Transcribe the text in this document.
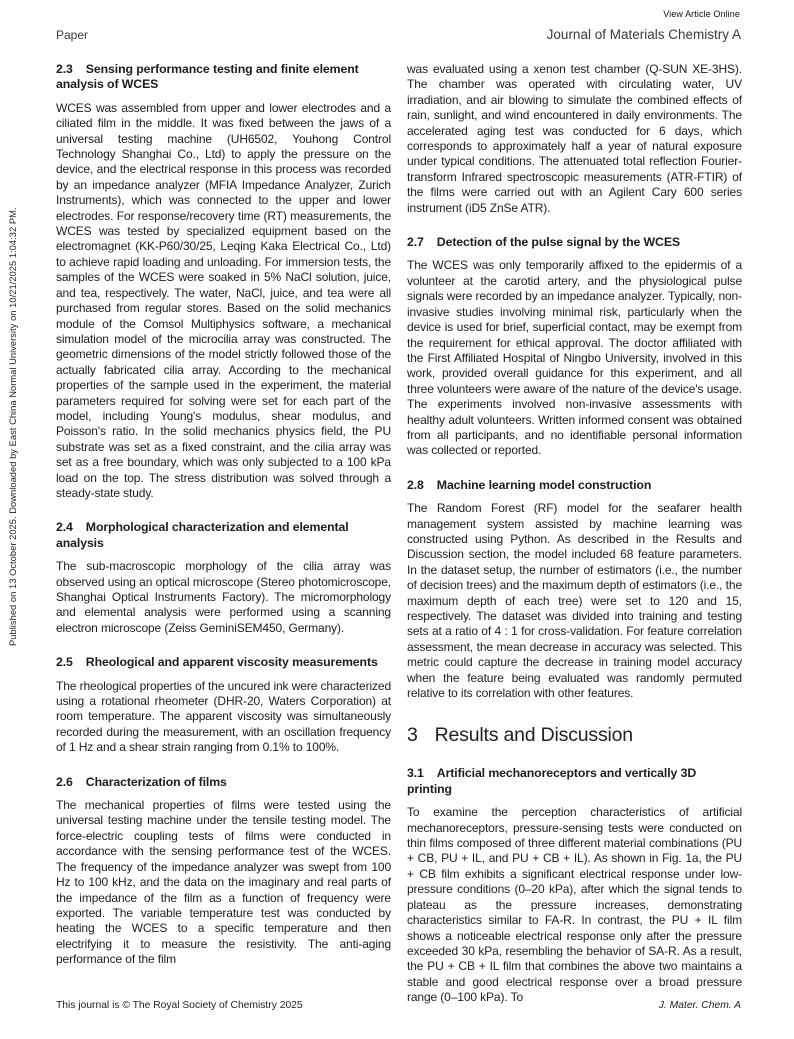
Published on 13 October 2025. Downloaded by East China Normal University on 10/21/2025 1:04:32 PM.
View Article Online
Paper	Journal of Materials Chemistry A
2.3 Sensing performance testing and finite element analysis of WCES
WCES was assembled from upper and lower electrodes and a ciliated film in the middle. It was fixed between the jaws of a universal testing machine (UH6502, Youhong Control Technology Shanghai Co., Ltd) to apply the pressure on the device, and the electrical response in this process was recorded by an impedance analyzer (MFIA Impedance Analyzer, Zurich Instruments), which was connected to the upper and lower electrodes. For response/recovery time (RT) measurements, the WCES was tested by specialized equipment based on the electromagnet (KK-P60/30/25, Leqing Kaka Electrical Co., Ltd) to achieve rapid loading and unloading. For immersion tests, the samples of the WCES were soaked in 5% NaCl solution, juice, and tea, respectively. The water, NaCl, juice, and tea were all purchased from regular stores. Based on the solid mechanics module of the Comsol Multiphysics software, a mechanical simulation model of the microcilia array was constructed. The geometric dimensions of the model strictly followed those of the actually fabricated cilia array. According to the mechanical properties of the sample used in the experiment, the material parameters required for solving were set for each part of the model, including Young's modulus, shear modulus, and Poisson's ratio. In the solid mechanics physics field, the PU substrate was set as a fixed constraint, and the cilia array was set as a free boundary, which was only subjected to a 100 kPa load on the top. The stress distribution was solved through a steady-state study.
2.4 Morphological characterization and elemental analysis
The sub-macroscopic morphology of the cilia array was observed using an optical microscope (Stereo photomicroscope, Shanghai Optical Instruments Factory). The micromorphology and elemental analysis were performed using a scanning electron microscope (Zeiss GeminiSEM450, Germany).
2.5 Rheological and apparent viscosity measurements
The rheological properties of the uncured ink were characterized using a rotational rheometer (DHR-20, Waters Corporation) at room temperature. The apparent viscosity was simultaneously recorded during the measurement, with an oscillation frequency of 1 Hz and a shear strain ranging from 0.1% to 100%.
2.6 Characterization of films
The mechanical properties of films were tested using the universal testing machine under the tensile testing model. The force-electric coupling tests of films were conducted in accordance with the sensing performance test of the WCES. The frequency of the impedance analyzer was swept from 100 Hz to 100 kHz, and the data on the imaginary and real parts of the impedance of the film as a function of frequency were exported. The variable temperature test was conducted by heating the WCES to a specific temperature and then electrifying it to measure the resistivity. The anti-aging performance of the film
was evaluated using a xenon test chamber (Q-SUN XE-3HS). The chamber was operated with circulating water, UV irradiation, and air blowing to simulate the combined effects of rain, sunlight, and wind encountered in daily environments. The accelerated aging test was conducted for 6 days, which corresponds to approximately half a year of natural exposure under typical conditions. The attenuated total reflection Fourier-transform Infrared spectroscopic measurements (ATR-FTIR) of the films were carried out with an Agilent Cary 600 series instrument (iD5 ZnSe ATR).
2.7 Detection of the pulse signal by the WCES
The WCES was only temporarily affixed to the epidermis of a volunteer at the carotid artery, and the physiological pulse signals were recorded by an impedance analyzer. Typically, non-invasive studies involving minimal risk, particularly when the device is used for brief, superficial contact, may be exempt from the requirement for ethical approval. The doctor affiliated with the First Affiliated Hospital of Ningbo University, involved in this work, provided overall guidance for this experiment, and all three volunteers were aware of the nature of the device's usage. The experiments involved non-invasive assessments with healthy adult volunteers. Written informed consent was obtained from all participants, and no identifiable personal information was collected or reported.
2.8 Machine learning model construction
The Random Forest (RF) model for the seafarer health management system assisted by machine learning was constructed using Python. As described in the Results and Discussion section, the model included 68 feature parameters. In the dataset setup, the number of estimators (i.e., the number of decision trees) and the maximum depth of estimators (i.e., the maximum depth of each tree) were set to 120 and 15, respectively. The dataset was divided into training and testing sets at a ratio of 4 : 1 for cross-validation. For feature correlation assessment, the mean decrease in accuracy was selected. This metric could capture the decrease in training model accuracy when the feature being evaluated was randomly permuted relative to its correlation with other features.
3 Results and Discussion
3.1 Artificial mechanoreceptors and vertically 3D printing
To examine the perception characteristics of artificial mechanoreceptors, pressure-sensing tests were conducted on thin films composed of three different material combinations (PU + CB, PU + IL, and PU + CB + IL). As shown in Fig. 1a, the PU + CB film exhibits a significant electrical response under low-pressure conditions (0–20 kPa), after which the signal tends to plateau as the pressure increases, demonstrating characteristics similar to FA-R. In contrast, the PU + IL film shows a noticeable electrical response only after the pressure exceeded 30 kPa, resembling the behavior of SA-R. As a result, the PU + CB + IL film that combines the above two maintains a stable and good electrical response over a broad pressure range (0–100 kPa). To
This journal is © The Royal Society of Chemistry 2025	J. Mater. Chem. A
